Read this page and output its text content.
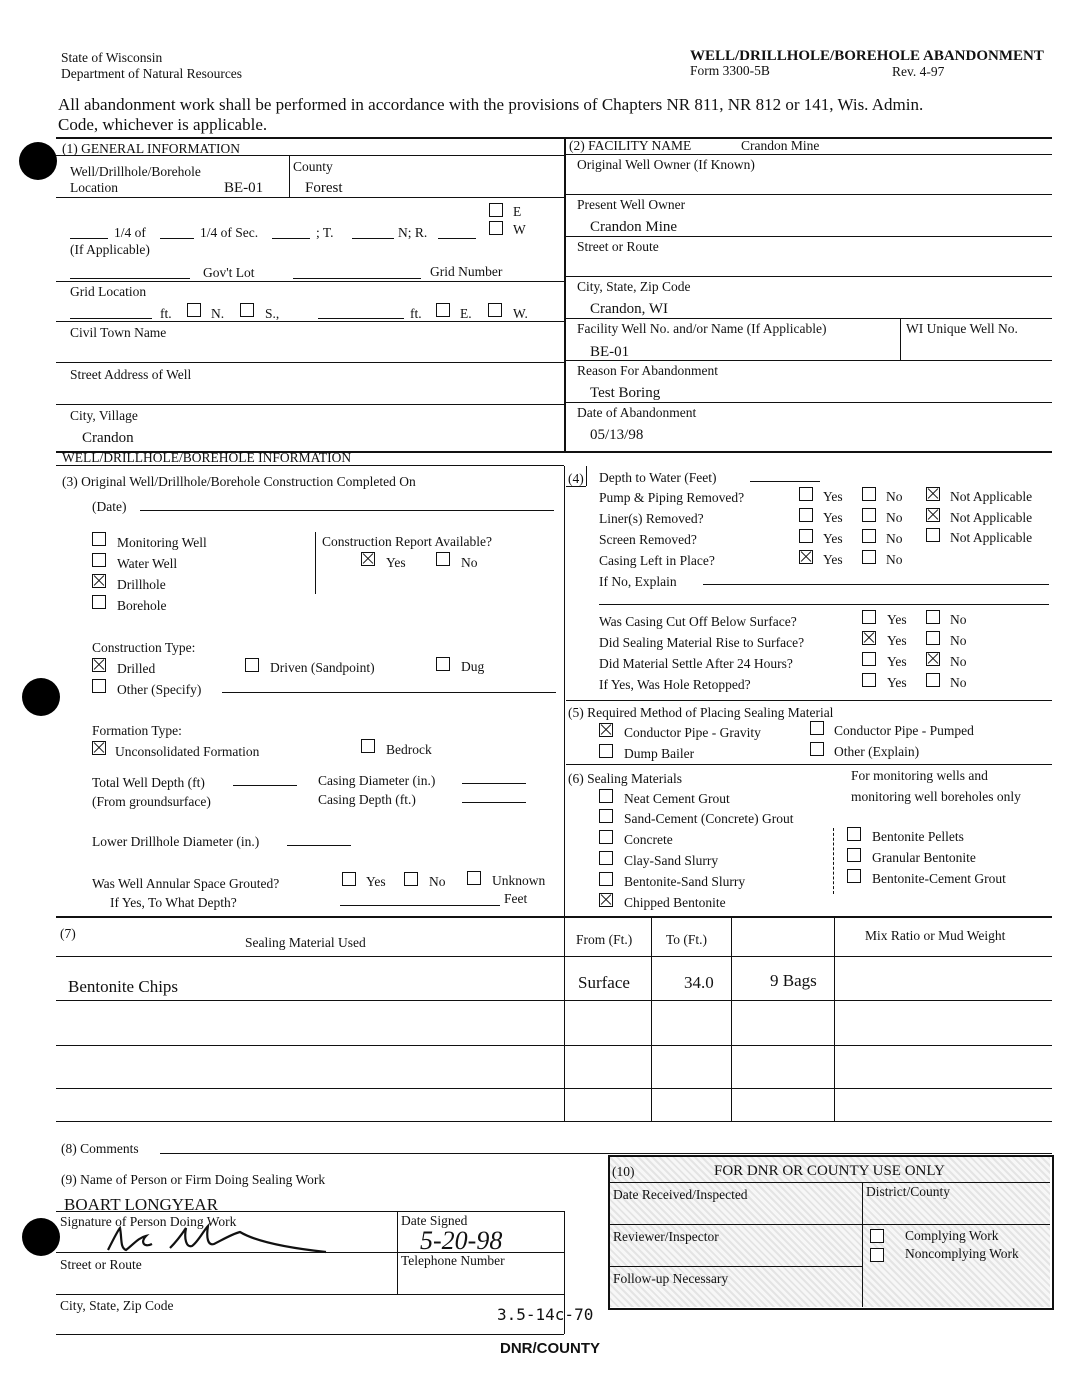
State of Wisconsin
Department of Natural Resources
WELL/DRILLHOLE/BOREHOLE ABANDONMENT
Form 3300-5B	Rev. 4-97
All abandonment work shall be performed in accordance with the provisions of Chapters NR 811, NR 812 or 141, Wis. Admin.
Code, whichever is applicable.
(1) GENERAL INFORMATION
Well/Drillhole/Borehole
Location	BE-01
County
Forest
E
W
1/4 of	1/4 of Sec.	; T.	N; R.
(If Applicable)
Gov't Lot	Grid Number
Grid Location
ft.	N.	S.,	ft.	E.	W.
Civil Town Name
Street Address of Well
City, Village
Crandon
(2) FACILITY NAME	Crandon Mine
Original Well Owner (If Known)
Present Well Owner
Crandon Mine
Street or Route
City, State, Zip Code
Crandon, WI
Facility Well No. and/or Name (If Applicable)	WI Unique Well No.
BE-01
Reason For Abandonment
Test Boring
Date of Abandonment
05/13/98
WELL/DRILLHOLE/BOREHOLE INFORMATION
(3) Original Well/Drillhole/Borehole Construction Completed On
(Date)
Monitoring Well
Water Well
Drillhole
Borehole
Construction Report Available?
Yes	No
Construction Type:
Drilled	Driven (Sandpoint)	Dug
Other (Specify)
Formation Type:
Unconsolidated Formation	Bedrock
Total Well Depth (ft)
(From groundsurface)
Casing Diameter (in.)
Casing Depth (ft.)
Lower Drillhole Diameter (in.)
Was Well Annular Space Grouted?	Yes	No	Unknown
If Yes, To What Depth?	Feet
(4) Depth to Water (Feet)
Pump & Piping Removed?	Yes	No	Not Applicable
Liner(s) Removed?	Yes	No	Not Applicable
Screen Removed?	Yes	No	Not Applicable
Casing Left in Place?	Yes	No
If No, Explain
Was Casing Cut Off Below Surface?	Yes	No
Did Sealing Material Rise to Surface?	Yes	No
Did Material Settle After 24 Hours?	Yes	No
If Yes, Was Hole Retopped?	Yes	No
(5) Required Method of Placing Sealing Material
Conductor Pipe - Gravity	Conductor Pipe - Pumped
Dump Bailer	Other (Explain)
(6) Sealing Materials	For monitoring wells and
monitoring well boreholes only
Neat Cement Grout
Sand-Cement (Concrete) Grout
Concrete
Clay-Sand Slurry
Bentonite-Sand Slurry
Chipped Bentonite
Bentonite Pellets
Granular Bentonite
Bentonite-Cement Grout
(7)
Sealing Material Used	From (Ft.) To (Ft.)	Mix Ratio or Mud Weight
Bentonite Chips	Surface	34.0	9 Bags
(8) Comments
(9) Name of Person or Firm Doing Sealing Work
BOART LONGYEAR
Signature of Person Doing Work	Date Signed
5-20-98
Street or Route	Telephone Number
City, State, Zip Code
(10)	FOR DNR OR COUNTY USE ONLY
Date Received/Inspected	District/County
Reviewer/Inspector	Complying Work
Noncomplying Work
Follow-up Necessary
3.5-14c-70
DNR/COUNTY
